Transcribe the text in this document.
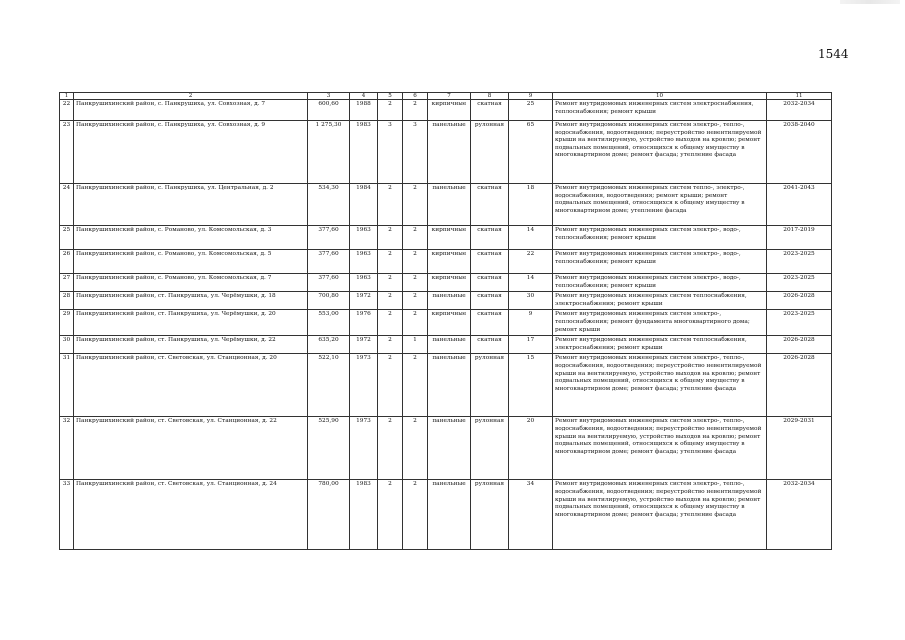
1544
1	2	3	4	5	6	7	8	9	10	11
22	Панкрушихинский район, с. Панкрушиха, ул. Совхозная, д. 7	600,60	1988	2	2	кирпичные	скатная	25	Ремонт внутридомовых инженерных систем электроснабжения, теплоснабжения; ремонт крыши	2032-2034
23	Панкрушихинский район, с. Панкрушиха, ул. Совхозная, д. 9	1 275,30	1983	3	3	панельные	рулонная	65	Ремонт внутридомовых инженерных систем электро-, тепло-, водоснабжения, водоотведения; переустройство невентилируемой крыши на вентилируемую, устройство выходов на кровлю; ремонт подвальных помещений, относящихся к общему имуществу в многоквартирном доме; ремонт фасада; утепление фасада	2038-2040
24	Панкрушихинский район, с. Панкрушиха, ул. Центральная, д. 2	534,30	1984	2	2	панельные	скатная	18	Ремонт внутридомовых инженерных систем тепло-, электро-, водоснабжения, водоотведения; ремонт крыши; ремонт подвальных помещений, относящихся к общему имуществу в многоквартирном доме; утепление фасада	2041-2043
25	Панкрушихинский район, с. Романово, ул. Комсомольская, д. 3	377,60	1963	2	2	кирпичные	скатная	14	Ремонт внутридомовых инженерных систем электро-, водо-, теплоснабжения; ремонт крыши	2017-2019
26	Панкрушихинский район, с. Романово, ул. Комсомольская, д. 5	377,60	1963	2	2	кирпичные	скатная	22	Ремонт внутридомовых инженерных систем электро-, водо-, теплоснабжения; ремонт крыши	2023-2025
27	Панкрушихинский район, с. Романово, ул. Комсомольская, д. 7	377,60	1963	2	2	кирпичные	скатная	14	Ремонт внутридомовых инженерных систем электро-, водо-, теплоснабжения; ремонт крыши	2023-2025
28	Панкрушихинский район, ст. Панкрушиха, ул. Черёмушки, д. 18	700,80	1972	2	2	панельные	скатная	30	Ремонт внутридомовых инженерных систем теплоснабжения, электроснабжения; ремонт крыши	2026-2028
29	Панкрушихинский район, ст. Панкрушиха, ул. Черёмушки, д. 20	553,00	1976	2	2	кирпичные	скатная	9	Ремонт внутридомовых инженерных систем электро-, теплоснабжения; ремонт фундамента многоквартирного дома; ремонт крыши	2023-2025
30	Панкрушихинский район, ст. Панкрушиха, ул. Черёмушки, д. 22	635,20	1972	2	1	панельные	скатная	17	Ремонт внутридомовых инженерных систем теплоснабжения, электроснабжения; ремонт крыши	2026-2028
31	Панкрушихинский район, ст. Световская, ул. Станционная, д. 20	522,10	1973	2	2	панельные	рулонная	15	Ремонт внутридомовых инженерных систем электро-, тепло-, водоснабжения, водоотведения; переустройство невентилируемой крыши на вентилируемую, устройство выходов на кровлю; ремонт подвальных помещений, относящихся к общему имуществу в многоквартирном доме; ремонт фасада; утепление фасада	2026-2028
32	Панкрушихинский район, ст. Световская, ул. Станционная, д. 22	525,90	1973	2	2	панельные	рулонная	20	Ремонт внутридомовых инженерных систем электро-, тепло-, водоснабжения, водоотведения; переустройство невентилируемой крыши на вентилируемую, устройство выходов на кровлю; ремонт подвальных помещений, относящихся к общему имуществу в многоквартирном доме; ремонт фасада; утепление фасада	2029-2031
33	Панкрушихинский район, ст. Световская, ул. Станционная, д. 24	780,00	1983	2	2	панельные	рулонная	34	Ремонт внутридомовых инженерных систем электро-, тепло-, водоснабжения, водоотведения; переустройство невентилируемой крыши на вентилируемую, устройство выходов на кровлю; ремонт подвальных помещений, относящихся к общему имуществу в многоквартирном доме; ремонт фасада; утепление фасада	2032-2034
